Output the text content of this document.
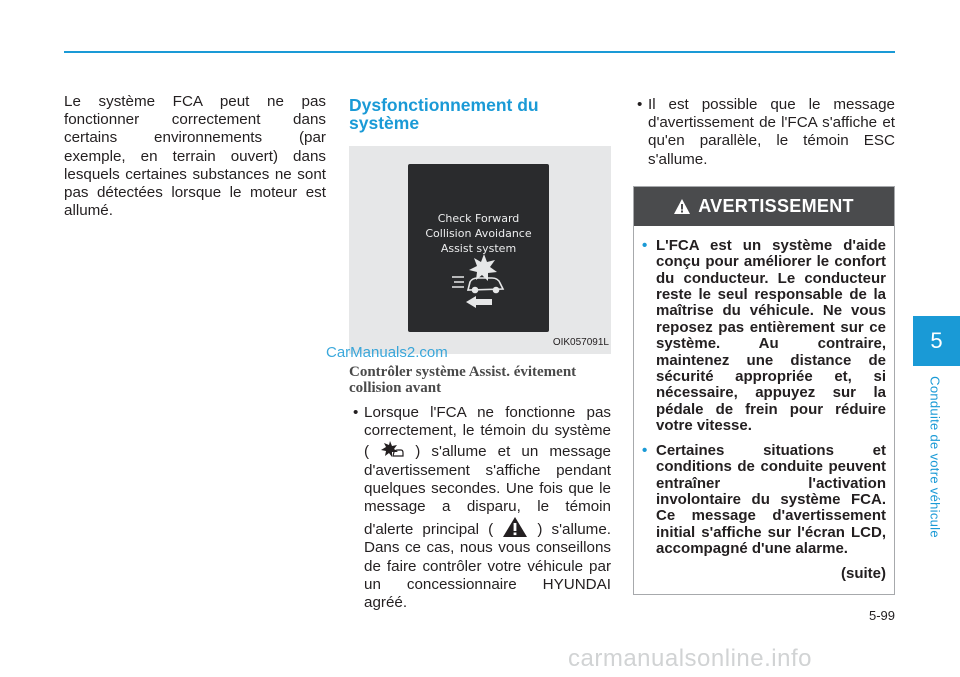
Le système FCA peut ne pas fonctionner correctement dans certains environnements (par exemple, en terrain ouvert) dans lesquels certaines substances ne sont pas détectées lorsque le moteur est allumé.

Dysfonctionnement du système
Check Forward
Collision Avoidance
Assist system
OIK057091L
Contrôler système Assist. évitement collision avant
• Lorsque l'FCA ne fonctionne pas correctement, le témoin du système (	) s'allume et un message d'avertissement s'affiche pendant quelques secondes. Une fois que le message a disparu, le témoin d'alerte principal (	) s'allume. Dans ce cas, nous vous conseillons de faire contrôler votre véhicule par un concessionnaire HYUNDAI agréé.
CarManuals2.com
• Il est possible que le message d'avertissement de l'FCA s'affiche et qu'en parallèle, le témoin ESC s'allume.
AVERTISSEMENT
• L'FCA est un système d'aide conçu pour améliorer le confort du conducteur. Le conducteur reste le seul responsable de la maîtrise du véhicule. Ne vous reposez pas entièrement sur ce système. Au contraire, maintenez une distance de sécurité appropriée et, si nécessaire, appuyez sur la pédale de frein pour réduire votre vitesse.
• Certaines situations et conditions de conduite peuvent entraîner l'activation involontaire du système FCA. Ce message d'avertissement initial s'affiche sur l'écran LCD, accompagné d'une alarme.
(suite)
5
Conduite de votre véhicule
5-99
carmanualsonline.info
